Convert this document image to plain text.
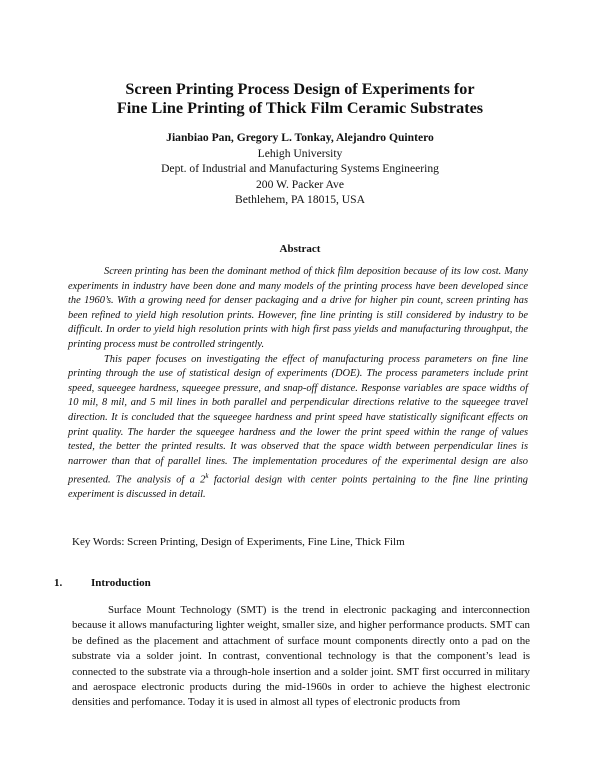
Screen Printing Process Design of Experiments for
Fine Line Printing of Thick Film Ceramic Substrates
Jianbiao Pan, Gregory L. Tonkay, Alejandro Quintero
Lehigh University
Dept. of Industrial and Manufacturing Systems Engineering
200 W. Packer Ave
Bethlehem, PA 18015, USA
Abstract

Screen printing has been the dominant method of thick film deposition because of its low cost. Many experiments in industry have been done and many models of the printing process have been developed since the 1960’s. With a growing need for denser packaging and a drive for higher pin count, screen printing has been refined to yield high resolution prints. However, fine line printing is still considered by industry to be difficult. In order to yield high resolution prints with high first pass yields and manufacturing throughput, the printing process must be controlled stringently.

This paper focuses on investigating the effect of manufacturing process parameters on fine line printing through the use of statistical design of experiments (DOE). The process parameters include print speed, squeegee hardness, squeegee pressure, and snap-off distance. Response variables are space widths of 10 mil, 8 mil, and 5 mil lines in both parallel and perpendicular directions relative to the squeegee travel direction. It is concluded that the squeegee hardness and print speed have statistically significant effects on print quality. The harder the squeegee hardness and the lower the print speed within the range of values tested, the better the printed results. It was observed that the space width between perpendicular lines is narrower than that of parallel lines. The implementation procedures of the experimental design are also presented. The analysis of a 2$^k$ factorial design with center points pertaining to the fine line printing experiment is discussed in detail.

Key Words: Screen Printing, Design of Experiments, Fine Line, Thick Film
1.	Introduction

Surface Mount Technology (SMT) is the trend in electronic packaging and interconnection because it allows manufacturing lighter weight, smaller size, and higher performance products. SMT can be defined as the placement and attachment of surface mount components directly onto a pad on the substrate via a solder joint. In contrast, conventional technology is that the component’s lead is connected to the substrate via a through-hole insertion and a solder joint. SMT first occurred in military and aerospace electronic products during the mid-1960s in order to achieve the highest electronic densities and perfomance. Today it is used in almost all types of electronic products from
